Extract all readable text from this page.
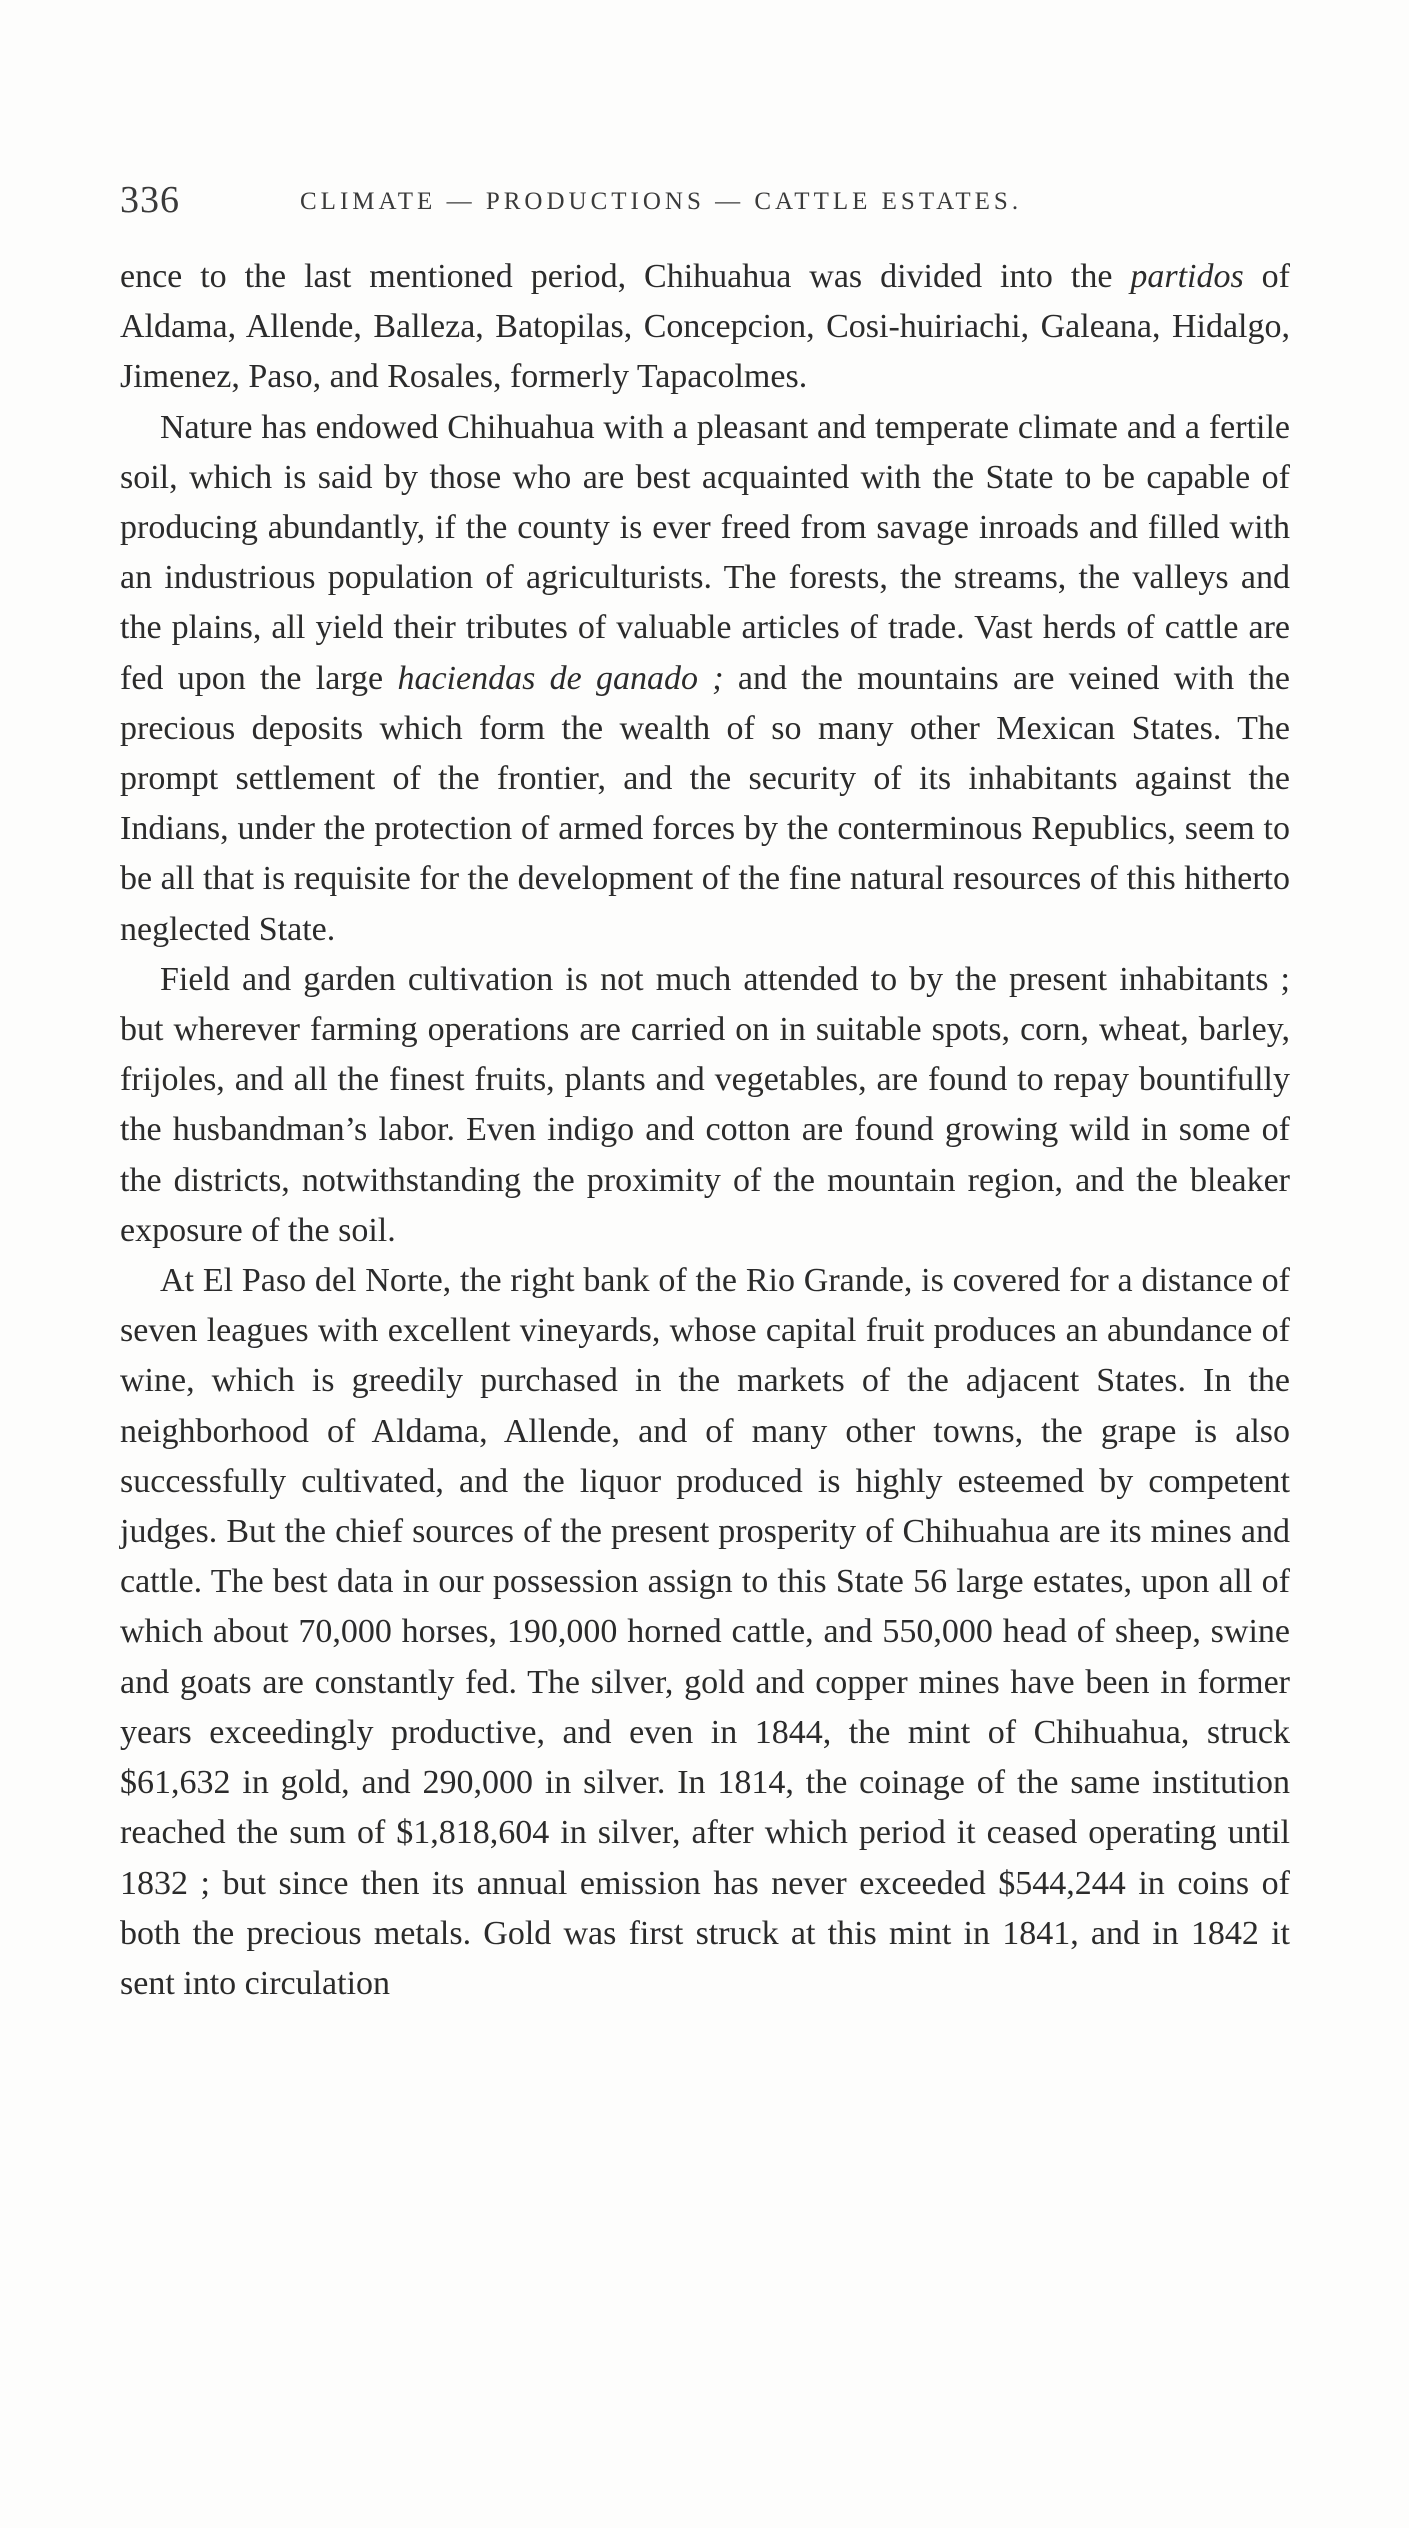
336	CLIMATE — PRODUCTIONS — CATTLE ESTATES.

ence to the last mentioned period, Chihuahua was divided into the partidos of Aldama, Allende, Balleza, Batopilas, Concepcion, Cosi-huiriachi, Galeana, Hidalgo, Jimenez, Paso, and Rosales, formerly Tapacolmes.

Nature has endowed Chihuahua with a pleasant and temperate climate and a fertile soil, which is said by those who are best acquainted with the State to be capable of producing abundantly, if the county is ever freed from savage inroads and filled with an industrious population of agriculturists. The forests, the streams, the valleys and the plains, all yield their tributes of valuable articles of trade. Vast herds of cattle are fed upon the large haciendas de ganado ; and the mountains are veined with the precious deposits which form the wealth of so many other Mexican States. The prompt settlement of the frontier, and the security of its inhabitants against the Indians, under the protection of armed forces by the conterminous Republics, seem to be all that is requisite for the development of the fine natural resources of this hitherto neglected State.

Field and garden cultivation is not much attended to by the present inhabitants ; but wherever farming operations are carried on in suitable spots, corn, wheat, barley, frijoles, and all the finest fruits, plants and vegetables, are found to repay bountifully the husbandman’s labor. Even indigo and cotton are found growing wild in some of the districts, notwithstanding the proximity of the mountain region, and the bleaker exposure of the soil.

At El Paso del Norte, the right bank of the Rio Grande, is covered for a distance of seven leagues with excellent vineyards, whose capital fruit produces an abundance of wine, which is greedily purchased in the markets of the adjacent States. In the neighborhood of Aldama, Allende, and of many other towns, the grape is also successfully cultivated, and the liquor produced is highly esteemed by competent judges. But the chief sources of the present prosperity of Chihuahua are its mines and cattle. The best data in our possession assign to this State 56 large estates, upon all of which about 70,000 horses, 190,000 horned cattle, and 550,000 head of sheep, swine and goats are constantly fed. The silver, gold and copper mines have been in former years exceedingly productive, and even in 1844, the mint of Chihuahua, struck $61,632 in gold, and 290,000 in silver. In 1814, the coinage of the same institution reached the sum of $1,818,604 in silver, after which period it ceased operating until 1832 ; but since then its annual emission has never exceeded $544,244 in coins of both the precious metals. Gold was first struck at this mint in 1841, and in 1842 it sent into circulation
